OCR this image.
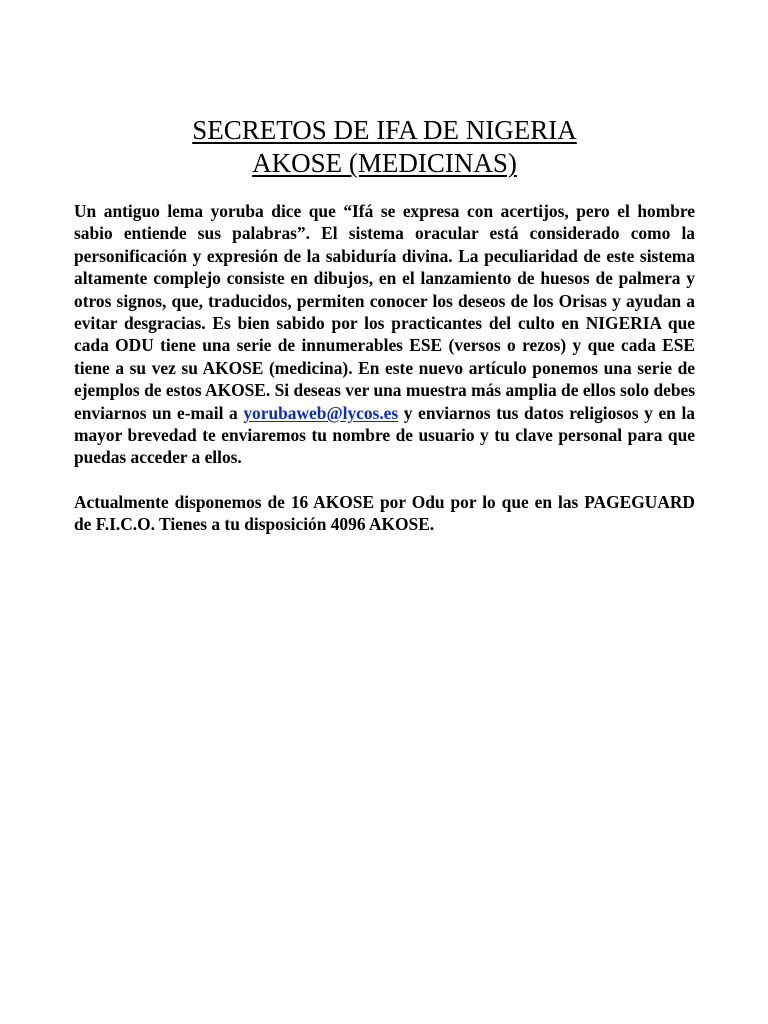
SECRETOS DE IFA DE NIGERIA
AKOSE (MEDICINAS)

Un antiguo lema yoruba dice que “Ifá se expresa con acertijos, pero el hombre sabio entiende sus palabras”. El sistema oracular está considerado como la personificación y expresión de la sabiduría divina. La peculiaridad de este sistema altamente complejo consiste en dibujos, en el lanzamiento de huesos de palmera y otros signos, que, traducidos, permiten conocer los deseos de los Orisas y ayudan a evitar desgracias. Es bien sabido por los practicantes del culto en NIGERIA que cada ODU tiene una serie de innumerables ESE (versos o rezos) y que cada ESE tiene a su vez su AKOSE (medicina). En este nuevo artículo ponemos una serie de ejemplos de estos AKOSE. Si deseas ver una muestra más amplia de ellos solo debes enviarnos un e-mail a yorubaweb@lycos.es y enviarnos tus datos religiosos y en la mayor brevedad te enviaremos tu nombre de usuario y tu clave personal para que puedas acceder a ellos.

Actualmente disponemos de 16 AKOSE por Odu por lo que en las PAGEGUARD de F.I.C.O. Tienes a tu disposición 4096 AKOSE.
